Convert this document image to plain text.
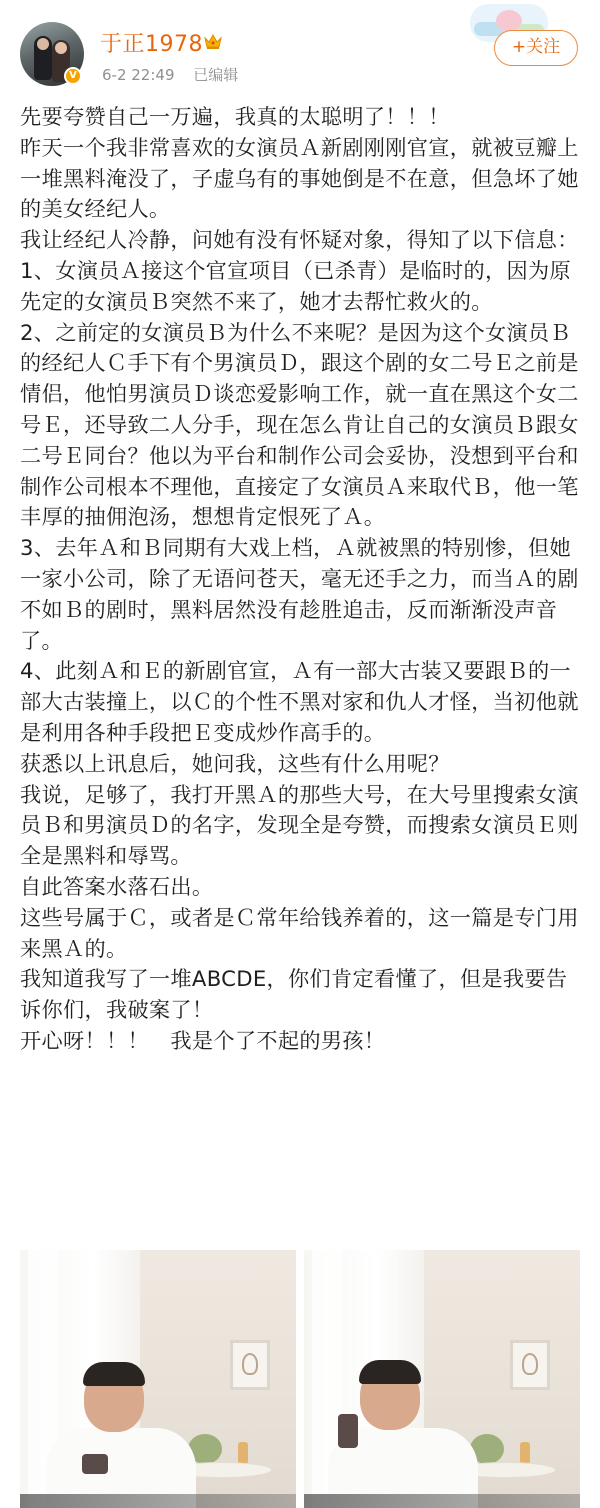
V
于正1978
6-2 22:49 已编辑
+关注

先要夸赞自己一万遍，我真的太聪明了！！！

昨天一个我非常喜欢的女演员Ａ新剧刚刚官宣，就被豆瓣上一堆黑料淹没了，子虚乌有的事她倒是不在意，但急坏了她的美女经纪人。

我让经纪人冷静，问她有没有怀疑对象，得知了以下信息：

1、女演员Ａ接这个官宣项目（已杀青）是临时的，因为原先定的女演员Ｂ突然不来了，她才去帮忙救火的。

2、之前定的女演员Ｂ为什么不来呢？是因为这个女演员Ｂ的经纪人Ｃ手下有个男演员Ｄ，跟这个剧的女二号Ｅ之前是情侣，他怕男演员Ｄ谈恋爱影响工作，就一直在黑这个女二号Ｅ，还导致二人分手，现在怎么肯让自己的女演员Ｂ跟女二号Ｅ同台？他以为平台和制作公司会妥协，没想到平台和制作公司根本不理他，直接定了女演员Ａ来取代Ｂ，他一笔丰厚的抽佣泡汤，想想肯定恨死了Ａ。

3、去年Ａ和Ｂ同期有大戏上档，Ａ就被黑的特别惨，但她一家小公司，除了无语问苍天，毫无还手之力，而当Ａ的剧不如Ｂ的剧时，黑料居然没有趁胜追击，反而渐渐没声音了。

4、此刻Ａ和Ｅ的新剧官宣，Ａ有一部大古装又要跟Ｂ的一部大古装撞上，以Ｃ的个性不黑对家和仇人才怪，当初他就是利用各种手段把Ｅ变成炒作高手的。

获悉以上讯息后，她问我，这些有什么用呢？

我说，足够了，我打开黑Ａ的那些大号，在大号里搜索女演员Ｂ和男演员Ｄ的名字，发现全是夸赞，而搜索女演员Ｅ则全是黑料和辱骂。

自此答案水落石出。

这些号属于Ｃ，或者是Ｃ常年给钱养着的，这一篇是专门用来黑Ａ的。

我知道我写了一堆ABCDE，你们肯定看懂了，但是我要告诉你们，我破案了！

开心呀！！！　我是个了不起的男孩！
